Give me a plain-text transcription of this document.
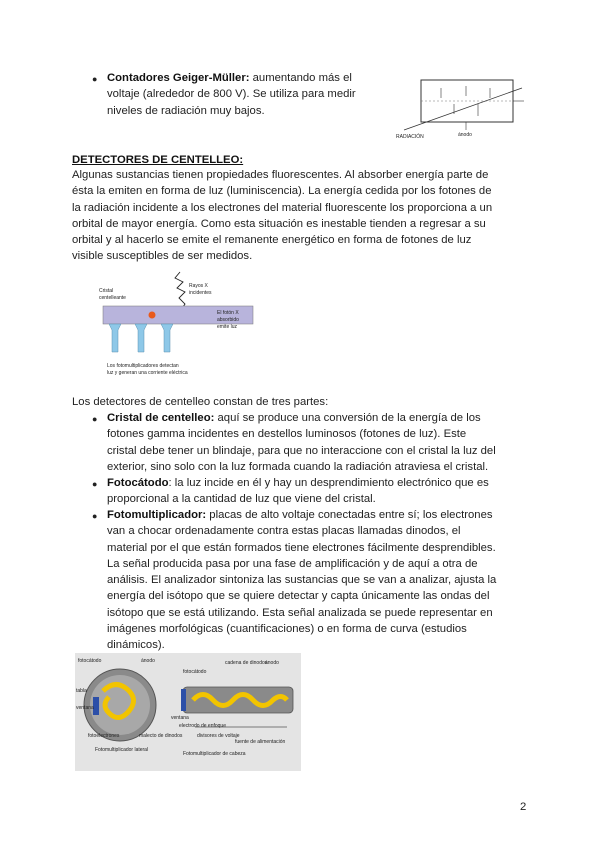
● Contadores Geiger-Müller: aumentando más el
voltaje (alrededor de 800 V). Se utiliza para medir
niveles de radiación muy bajos.
RADIACIÓN	ánodo
DETECTORES DE CENTELLEO:
Algunas sustancias tienen propiedades fluorescentes. Al absorber energía parte de
ésta la emiten en forma de luz (luminiscencia). La energía cedida por los fotones de
la radiación incidente a los electrones del material fluorescente los proporciona a un
orbital de mayor energía. Como esta situación es inestable tienden a regresar a su
orbital y al hacerlo se emite el remanente energético en forma de fotones de luz
visible susceptibles de ser medidos.
Cristal
centelleante
Rayos X
incidentes
El fotón X
absorbido
emite luz
Los fotomultiplicadores detectan
luz y generan una corriente eléctrica
Los detectores de centelleo constan de tres partes:
● Cristal de centelleo: aquí se produce una conversión de la energía de los
fotones gamma incidentes en destellos luminosos (fotones de luz). Este
cristal debe tener un blindaje, para que no interaccione con el cristal la luz del
exterior, sino solo con la luz formada cuando la radiación atraviesa el cristal.
● Fotocátodo: la luz incide en él y hay un desprendimiento electrónico que es
proporcional a la cantidad de luz que viene del cristal.
● Fotomultiplicador: placas de alto voltaje conectadas entre sí; los electrones
van a chocar ordenadamente contra estas placas llamadas dinodos, el
material por el que están formados tiene electrones fácilmente desprendibles.
La señal producida pasa por una fase de amplificación y de aquí a otra de
análisis. El analizador sintoniza las sustancias que se van a analizar, ajusta la
energía del isótopo que se quiere detectar y capta únicamente las ondas del
isótopo que se está utilizando. Esta señal analizada se puede representar en
imágenes morfológicas (cuantificaciones) o en forma de curva (estudios
dinámicos).
fotocátodo	ánodo
tabla
ventana
fotoelectrones	malecto de dinodos
Fotomultiplicador lateral
fotocátodo
cadena de dinodos
ánodo
ventana
electrodo de enfoque
divisores de voltaje
fuente de alimentación
Fotomultiplicador de cabeza
2
